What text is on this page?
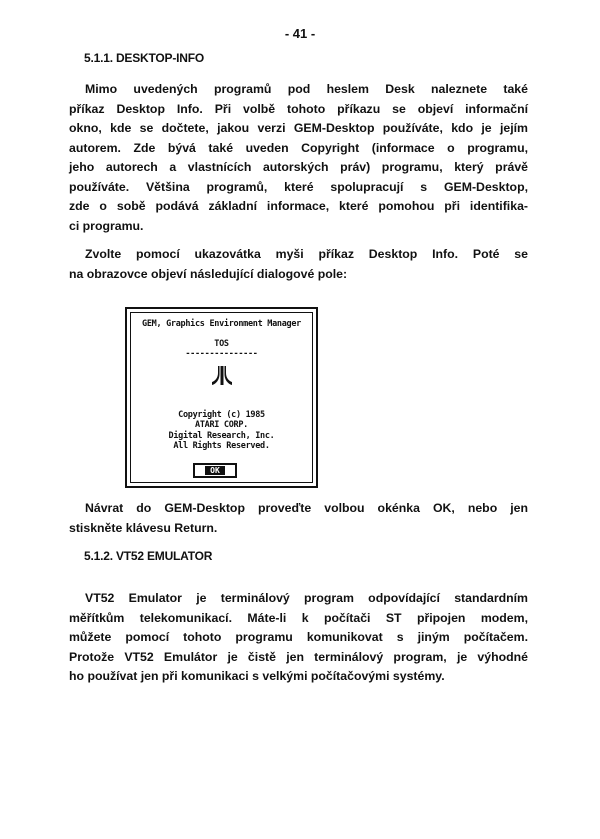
- 41 -
5.1.1. DESKTOP-INFO
Mimo uvedených programů pod heslem Desk naleznete také
příkaz Desktop Info. Při volbě tohoto příkazu se objeví informační
okno, kde se dočtete, jakou verzi GEM-Desktop používáte, kdo je jejím
autorem. Zde bývá také uveden Copyright (informace o programu,
jeho autorech a vlastnících autorských práv) programu, který právě
používáte. Většina programů, které spolupracují s GEM-Desktop,
zde o sobě podává základní informace, které pomohou při identifika-
ci programu.
Zvolte pomocí ukazovátka myši příkaz Desktop Info. Poté se
na obrazovce objeví následující dialogové pole:
GEM, Graphics Environment Manager
TOS
---------------
Copyright (c) 1985
ATARI CORP.
Digital Research, Inc.
All Rights Reserved.
OK
Návrat do GEM-Desktop proveďte volbou okénka OK, nebo jen
stiskněte klávesu Return.
5.1.2. VT52 EMULATOR
VT52 Emulator je terminálový program odpovídající standardním
měřítkům telekomunikací. Máte-li k počítači ST připojen modem,
můžete pomocí tohoto programu komunikovat s jiným počítačem.
Protože VT52 Emulátor je čistě jen terminálový program, je výhodné
ho používat jen při komunikaci s velkými počítačovými systémy.
